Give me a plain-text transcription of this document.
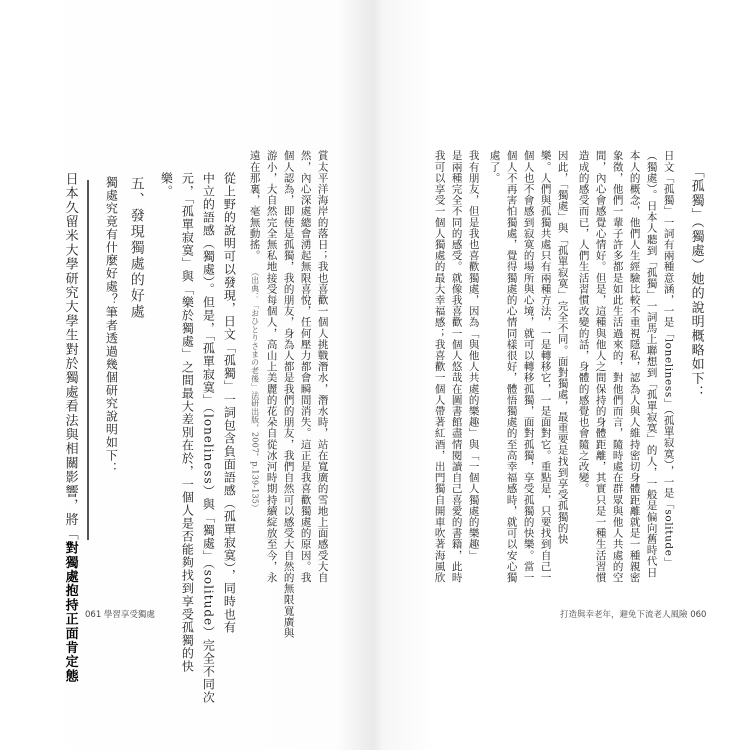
「孤獨」（獨處）她的說明概略如下：
日文「孤獨」一詞有兩種意涵，一是「loneliness」（孤單寂寞），一是「solitude」
（獨處）。日本人聽到「孤獨」一詞馬上聯想到「孤單寂寞」的人，一般是偏向舊時代日
本人的概念，他們人生經驗比較不重視隱私，認為人與人維持密切身體距離就是一種親密
象徵，他們一輩子許多都是如此生活過來的，對他們而言，隨時處在群眾與他人共處的空
間，內心會感覺心情好。但是，這種與他人之間保持的身體距離，其實只是一種生活習慣
造成的感受而已，人們生活習慣改變的話，身體的感覺也會隨之改變。
因此，「獨處」與「孤單寂寞」完全不同。面對獨處，最重要是找到享受孤獨的快
樂。人們與孤獨共處只有兩種方法，一是轉移它，一是面對它。重點是，只要找到自己一
個人也不會感到寂寞的場所與心境，就可以轉移孤獨，面對孤獨，享受孤獨的快樂。當一
個人不再害怕獨處，覺得獨處的心情同樣很好，體悟獨處的至高幸福感時，就可以安心獨
處了。
我有朋友，但是我也喜歡獨處，因為「與他人共處的樂趣」與「一個人獨處的樂趣」
是兩種完全不同的感受。就像我喜歡一個人悠哉在圖書館盡情閱讀自己喜愛的書籍，此時
我可以享受一個人獨處的最大幸福感；我喜歡一個人帶著紅酒，出門獨自開車吹著海風欣
打造與幸老年，避免下流老人風險 060
賞太平洋海岸的落日；我也喜歡一個人挑戰潛水，潛水時，站在寬廣的雪地上面感受大自
然，內心深處總會湧起無限喜悅，任何壓力都會瞬間消失。這正是我喜歡獨處的原因。我
個人認為，即使是孤獨，我的朋友，身為人都是我們的朋友，我們自然可以感受大自然的無限寬廣與
游小，大自然完全無私地接受每個人，高山上美麗的花朵自從冰河時期持續綻放至今，永
遠在那裏，毫無動搖。
（出典：「おひとりさまの老後」法研出版，2007，p.139-135）
從上野的說明可以發現，日文「孤獨」一詞包含負面語感（孤單寂寞），同時也有
中立的語感（獨處）。但是，「孤單寂寞」（loneliness）與「獨處」（solitude）完全不同次
元，「孤單寂寞」與「樂於獨處」之間最大差別在於，一個人是否能夠找到享受孤獨的快
樂。
五、發現獨處的好處
獨處究竟有什麼好處？筆者透過幾個研究說明如下：
日本久留米大學研究大學生對於獨處看法與相關影響，將「對獨處抱持正面肯定態 061 學習享受獨處
